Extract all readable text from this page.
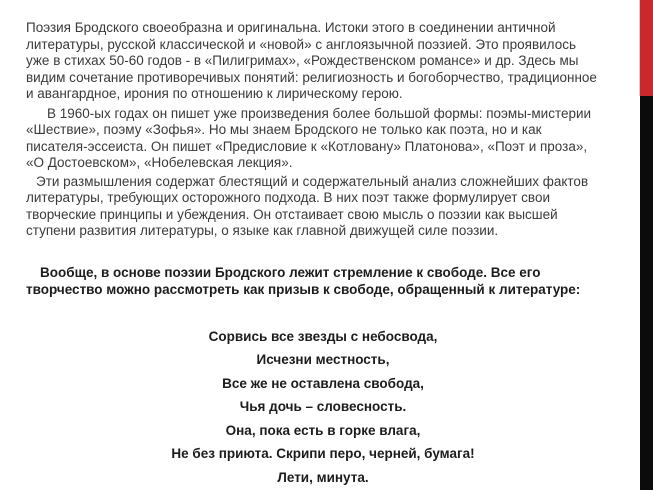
Поэзия Бродского своеобразна и оригинальна. Истоки этого в соединении античной
литературы, русской классической и «новой» с англоязычной поэзией. Это проявилось
уже в стихах 50-60 годов - в «Пилигримах», «Рождественском романсе» и др. Здесь мы
видим сочетание противоречивых понятий: религиозность и богоборчество, традиционное
и авангардное, ирония по отношению к лирическому герою.
В 1960-ых годах он пишет уже произведения более большой формы: поэмы-мистерии
«Шествие», поэму «Зофья». Но мы знаем Бродского не только как поэта, но и как
писателя-эссеиста. Он пишет «Предисловие к «Котловану» Платонова», «Поэт и проза»,
«О Достоевском», «Нобелевская лекция».
Эти размышления содержат блестящий и содержательный анализ сложнейших фактов
литературы, требующих осторожного подхода. В них поэт также формулирует свои
творческие принципы и убеждения. Он отстаивает свою мысль о поэзии как высшей
ступени развития литературы, о языке как главной движущей силе поэзии.
Вообще, в основе поэзии Бродского лежит стремление к свободе. Все его
творчество можно рассмотреть как призыв к свободе, обращенный к литературе:
Сорвись все звезды с небосвода,
Исчезни местность,
Все же не оставлена свобода,
Чья дочь – словесность.
Она, пока есть в горке влага,
Не без приюта. Скрипи перо, черней, бумага!
Лети, минута.
